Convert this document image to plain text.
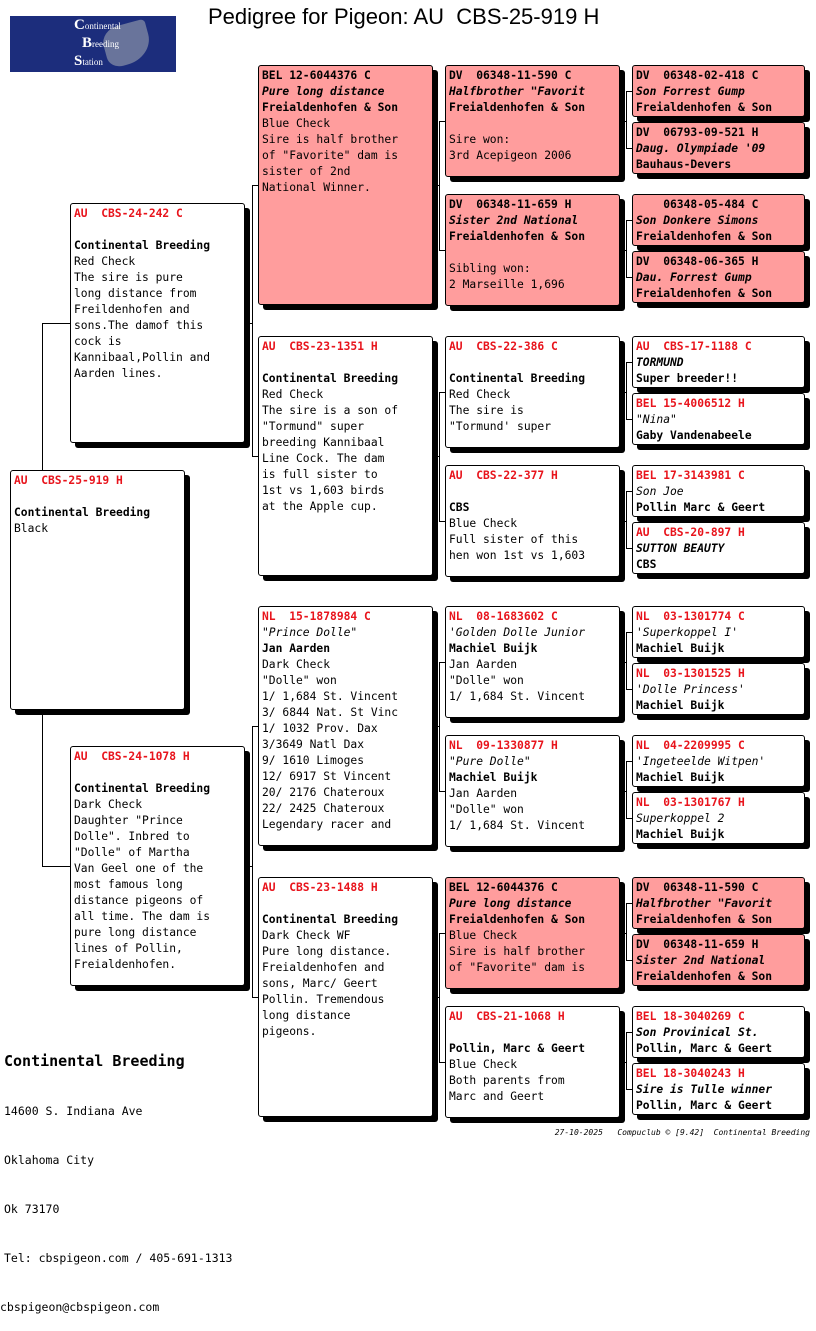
Pedigree for Pigeon: AU  CBS-25-919 H
Continental
Breeding
Station
AU  CBS-25-919 H
Continental Breeding
Black
AU  CBS-24-242 C
Continental Breeding
Red Check
The sire is pure
long distance from
Freildenhofen and
sons.The damof this
cock is
Kannibaal,Pollin and
Aarden lines.
AU  CBS-24-1078 H
Continental Breeding
Dark Check
Daughter "Prince
Dolle". Inbred to
"Dolle" of Martha
Van Geel one of the
most famous long
distance pigeons of
all time. The dam is
pure long distance
lines of Pollin,
Freialdenhofen.
BEL 12-6044376 C
Pure long distance
Freialdenhofen & Son
Blue Check
Sire is half brother
of "Favorite" dam is
sister of 2nd
National Winner.
AU  CBS-23-1351 H
Continental Breeding
Red Check
The sire is a son of
"Tormund" super
breeding Kannibaal
Line Cock. The dam
is full sister to
1st vs 1,603 birds
at the Apple cup.
NL  15-1878984 C
"Prince Dolle"
Jan Aarden
Dark Check
"Dolle" won
1/ 1,684 St. Vincent
3/ 6844 Nat. St Vinc
1/ 1032 Prov. Dax
3/3649 Natl Dax
9/ 1610 Limoges
12/ 6917 St Vincent
20/ 2176 Chateroux
22/ 2425 Chateroux
Legendary racer and
AU  CBS-23-1488 H
Continental Breeding
Dark Check WF
Pure long distance.
Freialdenhofen and
sons, Marc/ Geert
Pollin. Tremendous
long distance
pigeons.
DV  06348-11-590 C
Halfbrother "Favorit
Freialdenhofen & Son
Sire won:
3rd Acepigeon 2006
DV  06348-11-659 H
Sister 2nd National
Freialdenhofen & Son
Sibling won:
2 Marseille 1,696
AU  CBS-22-386 C
Continental Breeding
Red Check
The sire is
"Tormund' super
AU  CBS-22-377 H
CBS
Blue Check
Full sister of this
hen won 1st vs 1,603
NL  08-1683602 C
'Golden Dolle Junior
Machiel Buijk
Jan Aarden
"Dolle" won
1/ 1,684 St. Vincent
NL  09-1330877 H
"Pure Dolle"
Machiel Buijk
Jan Aarden
"Dolle" won
1/ 1,684 St. Vincent
BEL 12-6044376 C
Pure long distance
Freialdenhofen & Son
Blue Check
Sire is half brother
of "Favorite" dam is
AU  CBS-21-1068 H
Pollin, Marc & Geert
Blue Check
Both parents from
Marc and Geert
DV  06348-02-418 C
Son Forrest Gump
Freialdenhofen & Son
DV  06793-09-521 H
Daug. Olympiade '09
Bauhaus-Devers
06348-05-484 C
Son Donkere Simons
Freialdenhofen & Son
DV  06348-06-365 H
Dau. Forrest Gump
Freialdenhofen & Son
AU  CBS-17-1188 C
TORMUND
Super breeder!!
BEL 15-4006512 H
"Nina"
Gaby Vandenabeele
BEL 17-3143981 C
Son Joe
Pollin Marc & Geert
AU  CBS-20-897 H
SUTTON BEAUTY
CBS
NL  03-1301774 C
'Superkoppel I'
Machiel Buijk
NL  03-1301525 H
'Dolle Princess'
Machiel Buijk
NL  04-2209995 C
'Ingeteelde Witpen'
Machiel Buijk
NL  03-1301767 H
Superkoppel 2
Machiel Buijk
DV  06348-11-590 C
Halfbrother "Favorit
Freialdenhofen & Son
DV  06348-11-659 H
Sister 2nd National
Freialdenhofen & Son
BEL 18-3040269 C
Son Provinical St.
Pollin, Marc & Geert
BEL 18-3040243 H
Sire is Tulle winner
Pollin, Marc & Geert

Continental Breeding

14600 S. Indiana Ave

Oklahoma City

Ok 73170

Tel: cbspigeon.com / 405-691-1313

cbspigeon@cbspigeon.com

27-10-2025   Compuclub © [9.42]  Continental Breeding
